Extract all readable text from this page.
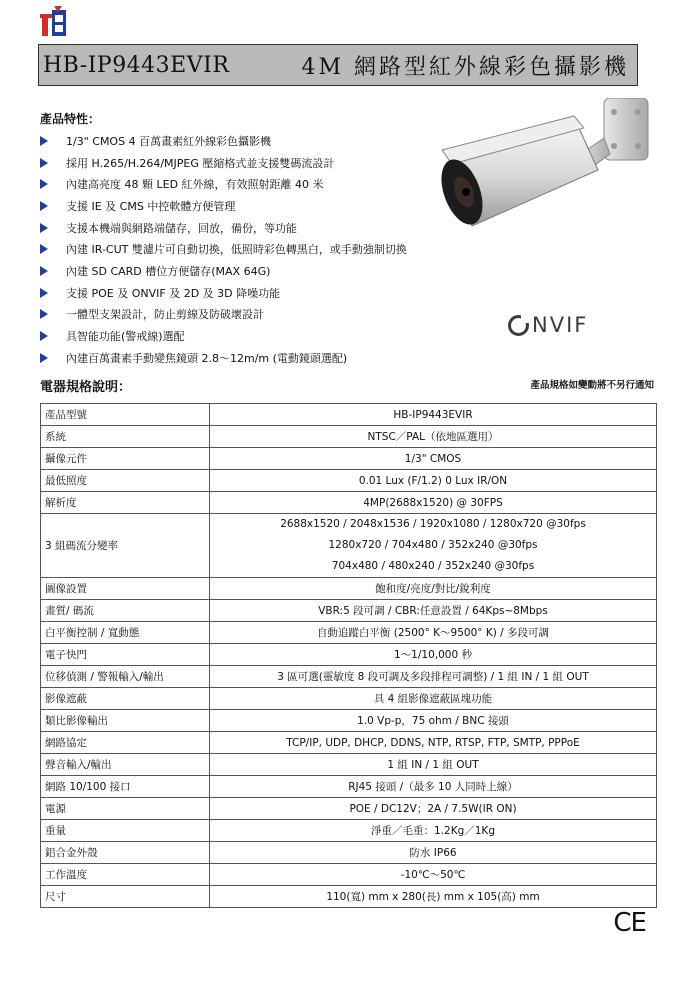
HB-IP9443EVIR	4M 網路型紅外線彩色攝影機
產品特性：
1/3" CMOS 4 百萬畫素紅外線彩色攝影機
採用 H.265/H.264/MJPEG 壓縮格式並支援雙碼流設計
內建高亮度 48 顆 LED 紅外線，有效照射距離 40 米
支援 IE 及 CMS 中控軟體方便管理
支援本機端與網路端儲存，回放，備份，等功能
內建 IR-CUT 雙濾片可自動切換，低照時彩色轉黑白，或手動強制切換
內建 SD CARD 槽位方便儲存(MAX 64G)
支援 POE 及 ONVIF 及 2D 及 3D 降噪功能
一體型支架設計，防止剪線及防破壞設計
具智能功能(警戒線)選配
內建百萬畫素手動變焦鏡頭 2.8～12m/m (電動鏡頭選配)
NVIF
電器規格說明：	產品規格如變動將不另行通知
產品型號	HB-IP9443EVIR
系統	NTSC／PAL（依地區選用）
攝像元件	1/3" CMOS
最低照度	0.01 Lux (F/1.2) 0 Lux IR/ON
解析度	4MP(2688x1520) @ 30FPS
3 組碼流分變率	2688x1520 / 2048x1536 / 1920x1080 / 1280x720 @30fps
1280x720 / 704x480 / 352x240 @30fps
704x480 / 480x240 / 352x240 @30fps

圖像設置	飽和度/亮度/對比/銳利度
畫質/ 碼流	VBR:5 段可調 / CBR:任意設置 / 64Kps~8Mbps
白平衡控制 / 寬動態	自動追蹤白平衡 (2500° K～9500° K) / 多段可調
電子快門	1～1/10,000 秒
位移偵測 / 警報輸入/輸出	3 區可選(靈敏度 8 段可調及多段排程可調整) / 1 組 IN / 1 組 OUT
影像遮蔽	具 4 組影像遮蔽區塊功能
類比影像輸出	1.0 Vp-p，75 ohm / BNC 接頭
網路協定	TCP/IP, UDP, DHCP, DDNS, NTP, RTSP, FTP, SMTP, PPPoE
聲音輸入/輸出	1 組 IN / 1 組 OUT
網路 10/100 接口	RJ45 接頭 /（最多 10 人同時上線）
電源	POE / DC12V；2A / 7.5W(IR ON)
重量	淨重／毛重：1.2Kg／1Kg
鋁合金外殼	防水 IP66
工作溫度	-10℃～50℃
尺寸	110(寬) mm x 280(長) mm x 105(高) mm
CE
